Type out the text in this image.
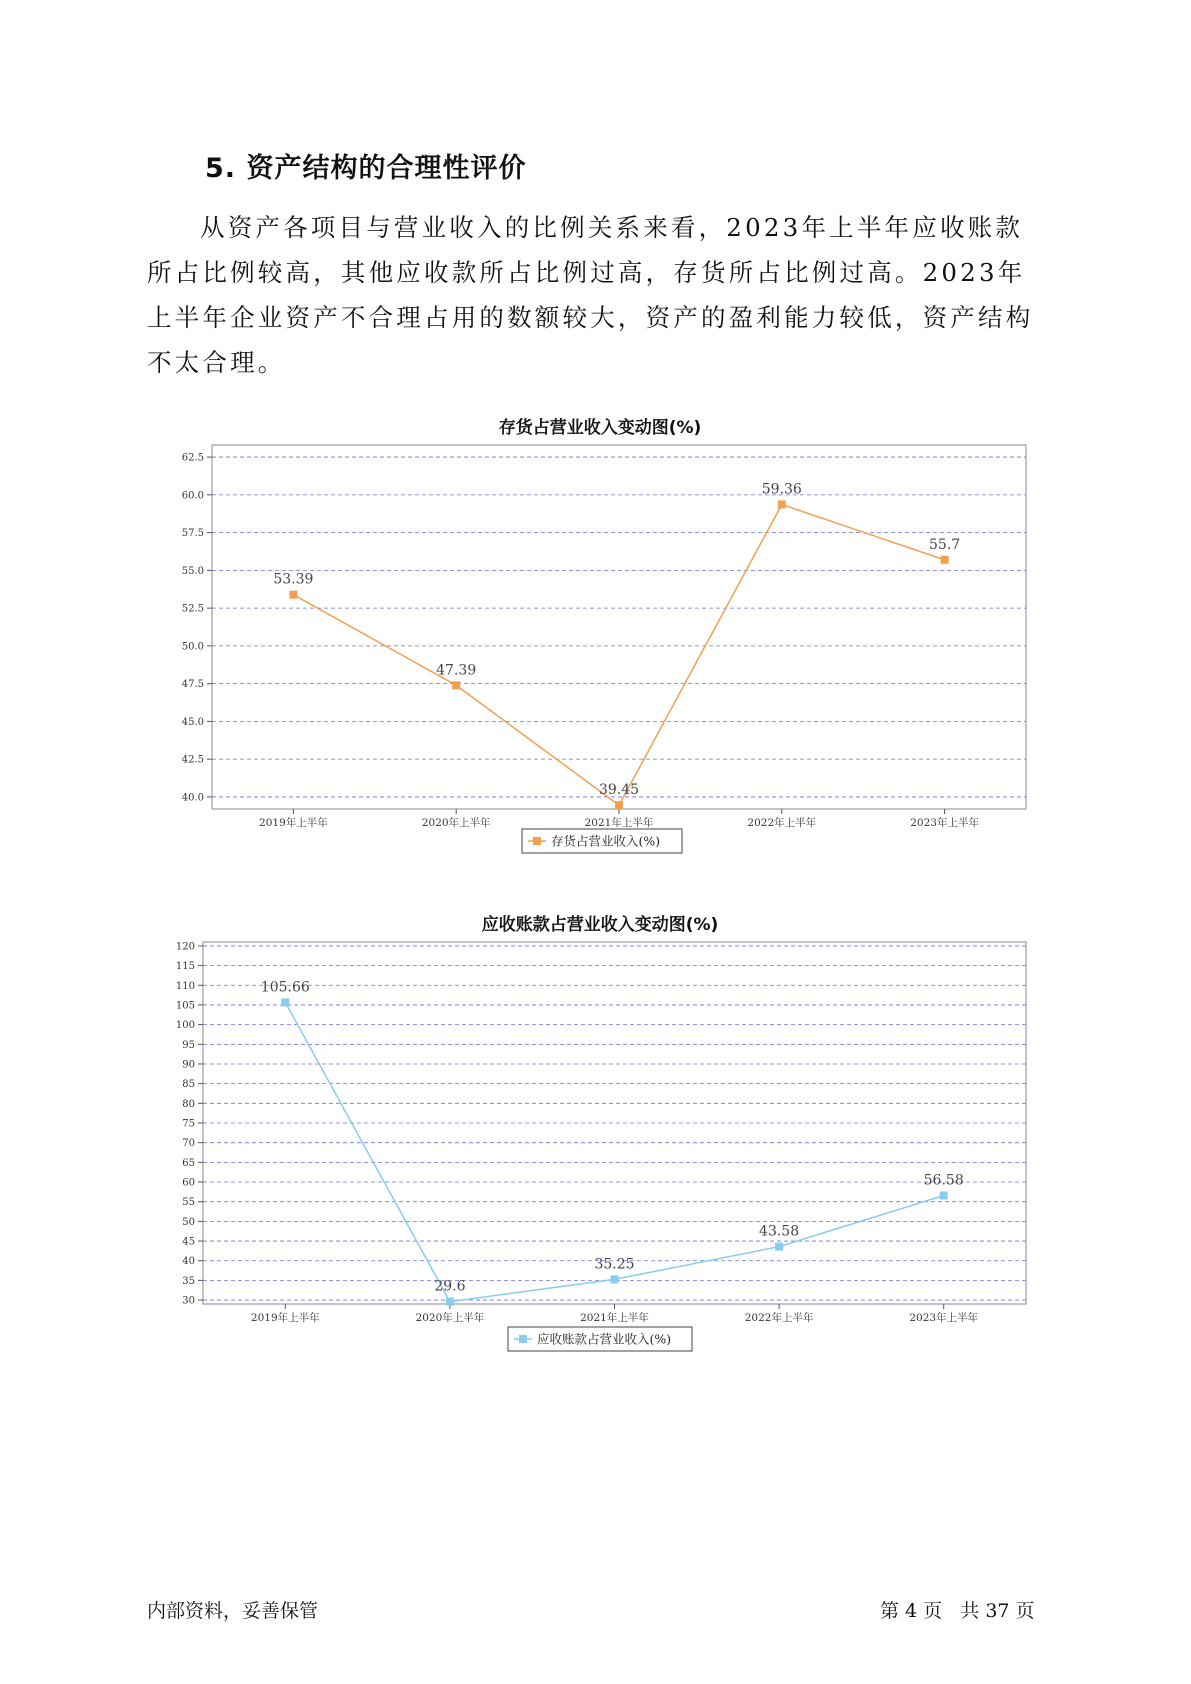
5. 资产结构的合理性评价

从资产各项目与营业收入的比例关系来看，2023年上半年应收账款所占比例较高，其他应收款所占比例过高，存货所占比例过高。2023年上半年企业资产不合理占用的数额较大，资产的盈利能力较低，资产结构不太合理。

存货占营业收入变动图(%)
40.0
42.5
45.0
47.5
50.0
52.5
55.0
57.5
60.0
62.5
2019年上半年	2020年上半年	2021年上半年	2022年上半年	2023年上半年
53.39
47.39
39.45
59.36
55.7
存货占营业收入(%)
应收账款占营业收入变动图(%)
30
35
40
45
50
55
60
65
70
75
80
85
90
95
100
105
110
115
120
2019年上半年	2020年上半年	2021年上半年	2022年上半年	2023年上半年
105.66
29.6
35.25
43.58
56.58
应收账款占营业收入(%)
内部资料，妥善保管	第 4 页   共 37 页
